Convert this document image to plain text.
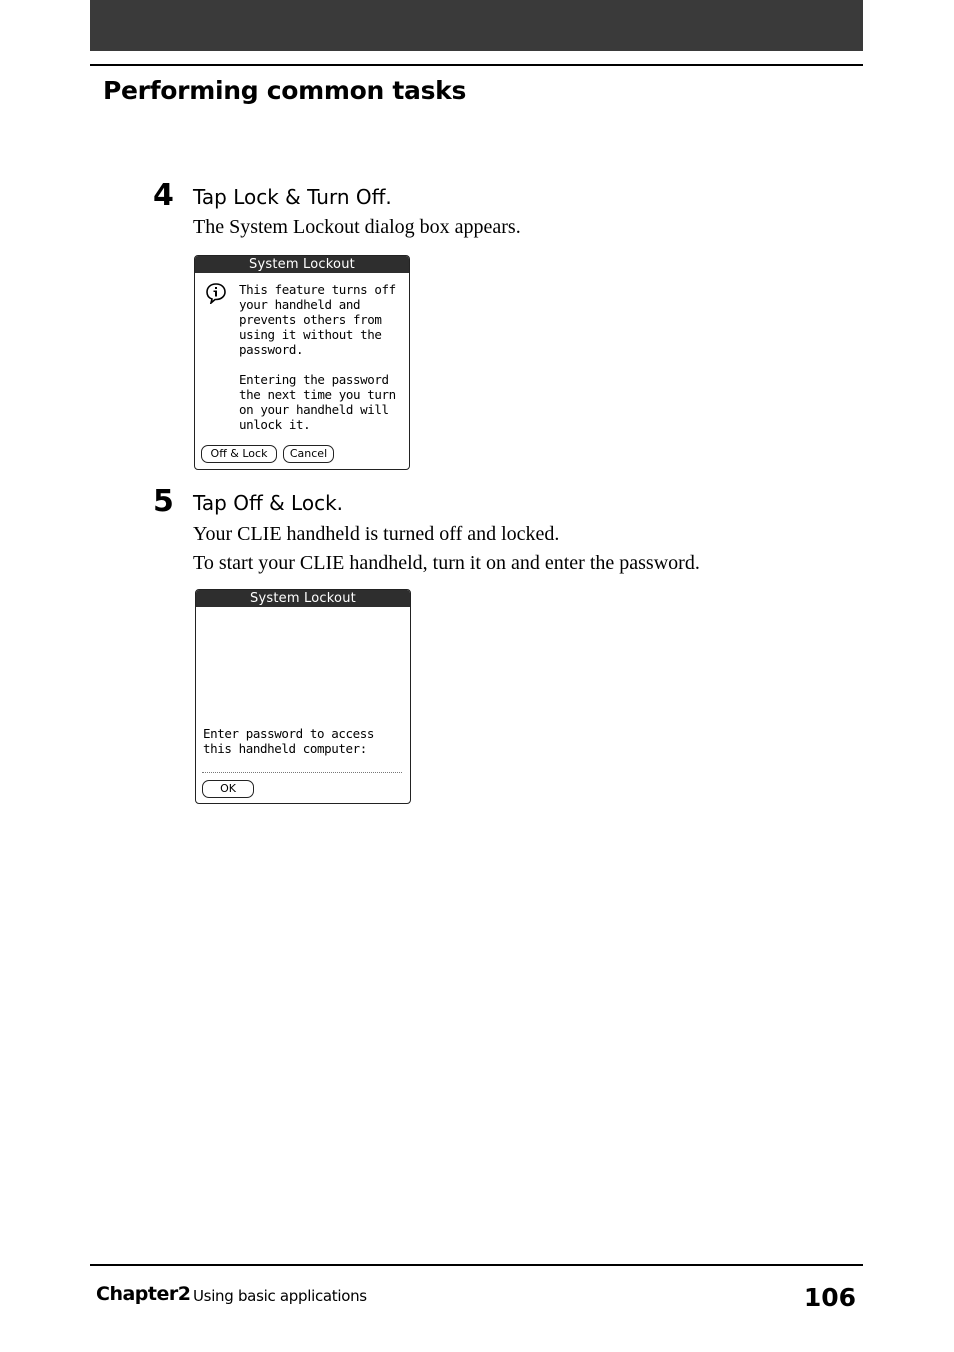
Performing common tasks
4 Tap Lock & Turn Off.
The System Lockout dialog box appears.
System Lockout
This feature turns off
your handheld and
prevents others from
using it without the
password.
Entering the password
the next time you turn
on your handheld will
unlock it.
Off & Lock	Cancel
5 Tap Off & Lock.
Your CLIE handheld is turned off and locked.
To start your CLIE handheld, turn it on and enter the password.
System Lockout
Enter password to access
this handheld computer:
OK
Chapter2 Using basic applications	106
